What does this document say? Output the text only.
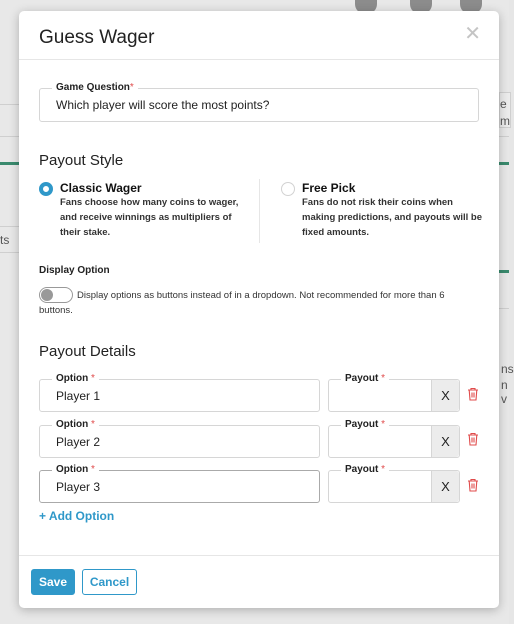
ts
e
m
ns
n v
Guess Wager	✕
Game Question*
Which player will score the most points?
Payout Style
Classic Wager
Fans choose how many coins to wager, and receive winnings as multipliers of their stake.
Free Pick
Fans do not risk their coins when making predictions, and payouts will be fixed amounts.
Display Option
Display options as buttons instead of in a dropdown. Not recommended for more than 6 buttons.
Payout Details
Option *
Player 1
Payout *
X
Option *
Player 2
Payout *
X
Option *
Player 3
Payout *
X
+ Add Option
Save	Cancel
